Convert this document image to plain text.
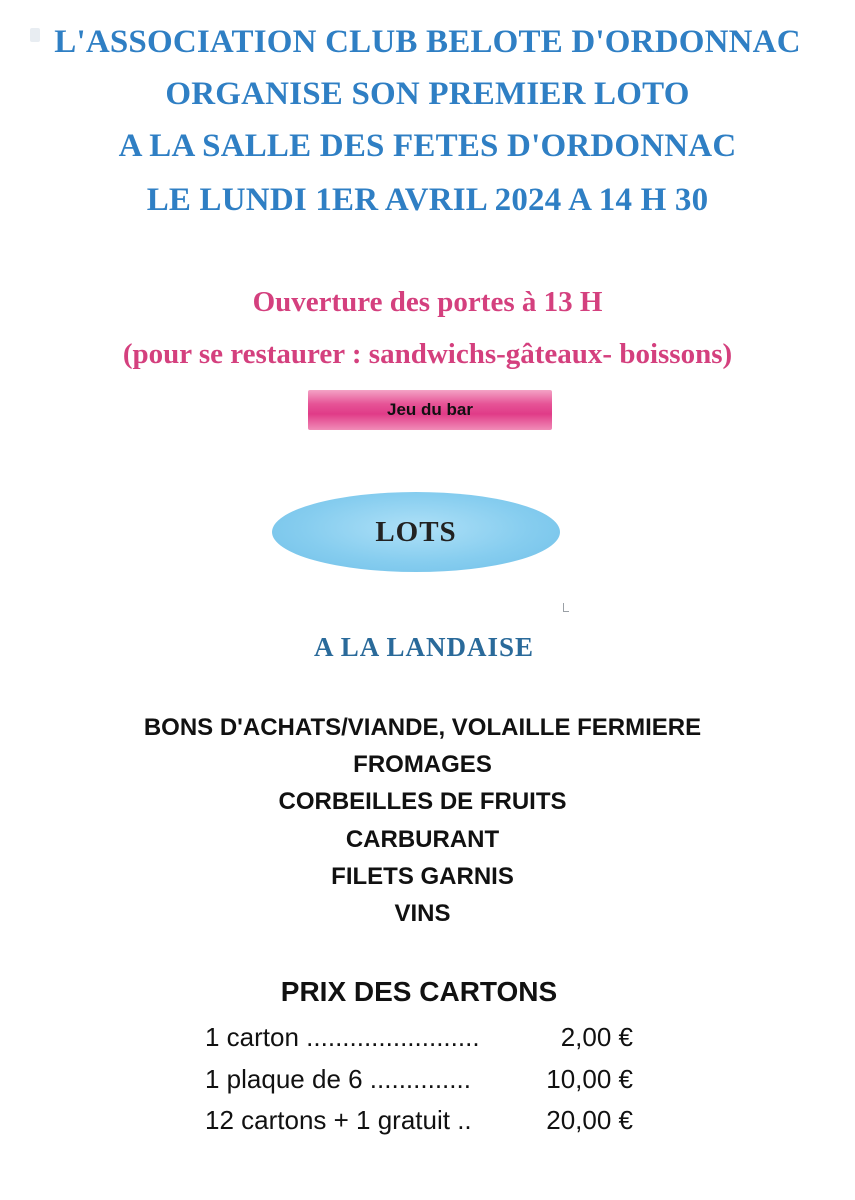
L'ASSOCIATION CLUB BELOTE D'ORDONNAC
ORGANISE SON PREMIER LOTO
A LA SALLE DES FETES D'ORDONNAC
LE LUNDI 1ER AVRIL 2024 A 14 H 30
Ouverture des portes à 13 H
(pour se restaurer : sandwichs-gâteaux- boissons)
Jeu du bar
LOTS
A LA LANDAISE
BONS D'ACHATS/VIANDE, VOLAILLE FERMIERE
FROMAGES
CORBEILLES DE FRUITS
CARBURANT
FILETS GARNIS
VINS
PRIX DES CARTONS
1 carton ........................	2,00 €
1 plaque de 6 ..............	10,00 €
12 cartons + 1 gratuit ..	20,00 €
